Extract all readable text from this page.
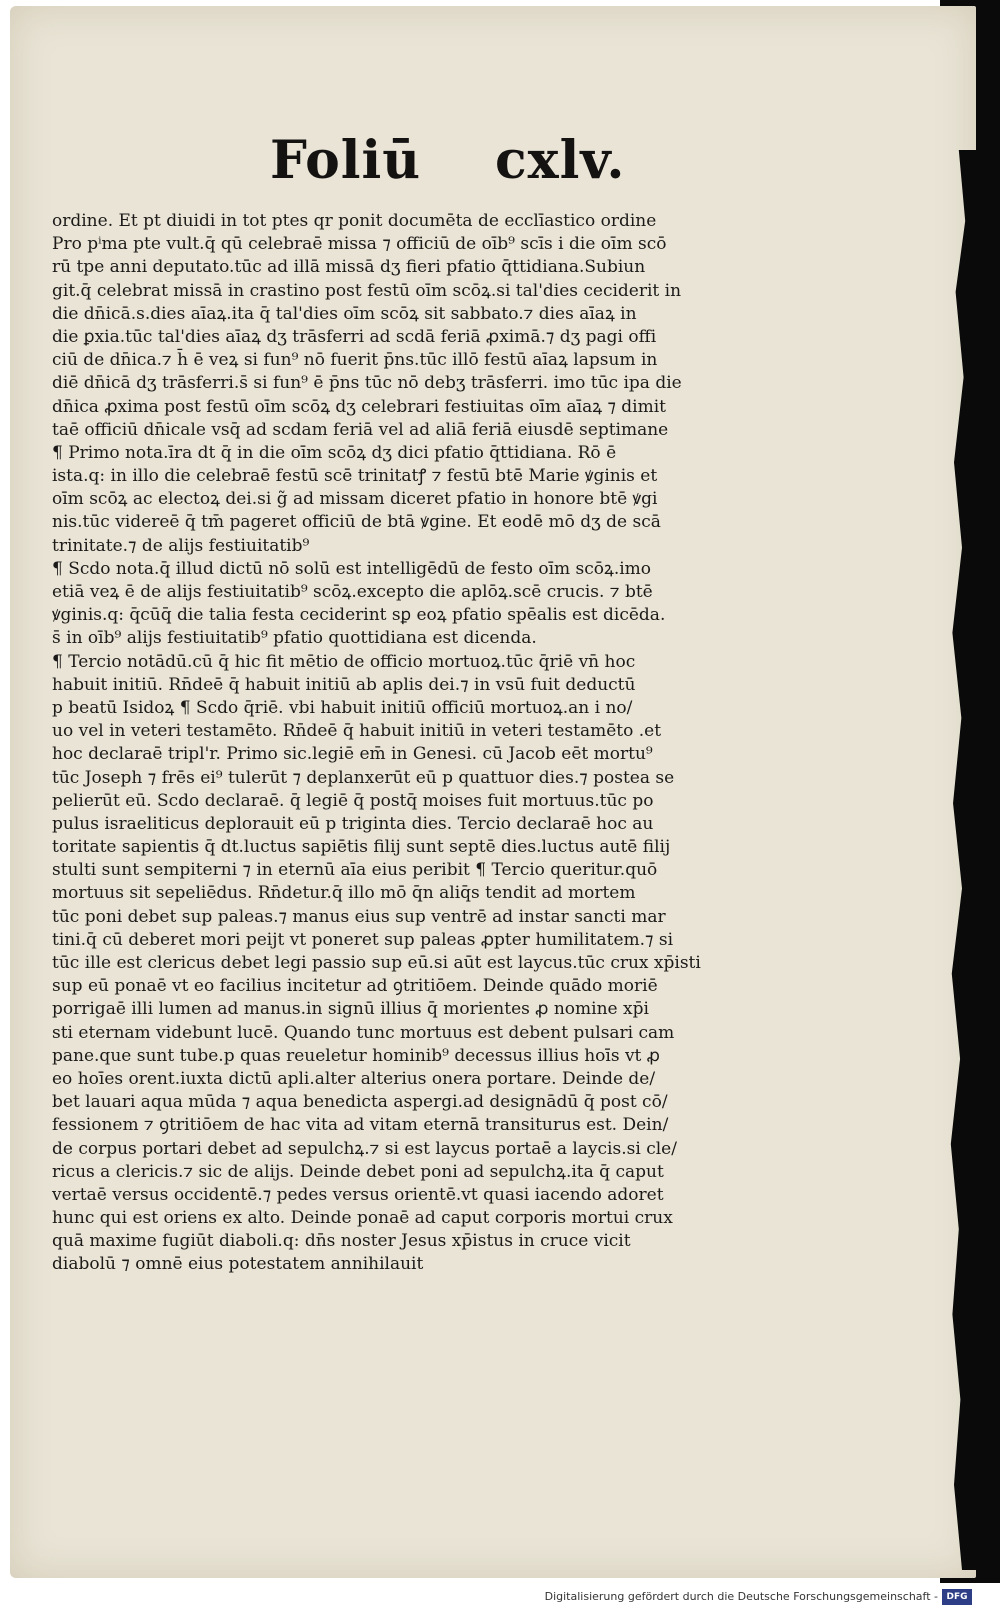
Foliū cxlv.
ordine. Et pt diuidi in tot ptes qr ponit documēta de ecclīastico ordine
Pro pⁱma pte vult.q̄ qū celebraē missa ⁊ officiū de oīb⁹ scīs i die oīm scō
rū tpe anni deputato.tūc ad illā missā dʒ fieri pfatio q̄ttidiana.Subiun
git.q̄ celebrat missā in crastino post festū oīm scōꝝ.si tal'dies ceciderit in
die dn̄icā.s.dies aīaꝝ.ita q̄ tal'dies oīm scōꝝ sit sabbato.⁊ dies aīaꝝ in
die ꝑxia.tūc tal'dies aīaꝝ dʒ trāsferri ad scdā feriā ꝓximā.⁊ dʒ pagi offi
ciū de dn̄ica.⁊ h̄ ē veꝝ si fun⁹ nō fuerit p̄ns.tūc illō festū aīaꝝ lapsum in
diē dn̄icā dʒ trāsferri.s̄ si fun⁹ ē p̄ns tūc nō debʒ trāsferri. imo tūc ipa die
dn̄ica ꝓxima post festū oīm scōꝝ dʒ celebrari festiuitas oīm aīaꝝ ⁊ dimit
taē officiū dn̄icale vsq̄ ad scdam feriā vel ad aliā feriā eiusdē septimane
¶ Primo nota.īra dt q̄ in die oīm scōꝝ dʒ dici pfatio q̄ttidiana. Rō ē
ista.q: in illo die celebraē festū scē trinitatꝭ ⁊ festū btē Marie ꝟginis et
oīm scōꝝ ac electoꝝ dei.si g̃ ad missam diceret pfatio in honore btē ꝟgi
nis.tūc videreē q̄ tm̄ pageret officiū de btā ꝟgine. Et eodē mō dʒ de scā
trinitate.⁊ de alijs festiuitatib⁹
¶ Scdo nota.q̄ illud dictū nō solū est intelligēdū de festo oīm scōꝝ.imo
etiā veꝝ ē de alijs festiuitatib⁹ scōꝝ.excepto die aplōꝝ.scē crucis. ⁊ btē
ꝟginis.q: q̄cūq̄ die talia festa ceciderint sꝑ eoꝝ pfatio spēalis est dicēda.
s̄ in oīb⁹ alijs festiuitatib⁹ pfatio quottidiana est dicenda.
¶ Tercio notādū.cū q̄ hic fit mētio de officio mortuoꝝ.tūc q̄riē vn̄ hoc
habuit initiū. Rn̄deē q̄ habuit initiū ab aplis dei.⁊ in vsū fuit deductū
p beatū Isidoꝝ ¶ Scdo q̄riē. vbi habuit initiū officiū mortuoꝝ.an i no/
uo vel in veteri testamēto. Rn̄deē q̄ habuit initiū in veteri testamēto .et
hoc declaraē tripl'r. Primo sic.legiē em̄ in Genesi. cū Jacob eēt mortu⁹
tūc Joseph ⁊ frēs ei⁹ tulerūt ⁊ deplanxerūt eū p quattuor dies.⁊ postea se
pelierūt eū. Scdo declaraē. q̄ legiē q̄ postq̄ moises fuit mortuus.tūc po
pulus israeliticus deplorauit eū p triginta dies. Tercio declaraē hoc au
toritate sapientis q̄ dt.luctus sapiētis filij sunt septē dies.luctus autē filij
stulti sunt sempiterni ⁊ in eternū aīa eius peribit ¶ Tercio queritur.quō
mortuus sit sepeliēdus. Rn̄detur.q̄ illo mō q̄n aliq̄s tendit ad mortem
tūc poni debet sup paleas.⁊ manus eius sup ventrē ad instar sancti mar
tini.q̄ cū deberet mori peijt vt poneret sup paleas ꝓpter humilitatem.⁊ si
tūc ille est clericus debet legi passio sup eū.si aūt est laycus.tūc crux xp̄isti
sup eū ponaē vt eo facilius incitetur ad ꝯtritiōem. Deinde quādo moriē
porrigaē illi lumen ad manus.in signū illius q̄ morientes ꝓ nomine xp̄i
sti eternam videbunt lucē. Quando tunc mortuus est debent pulsari cam
pane.que sunt tube.p quas reueletur hominib⁹ decessus illius hoīs vt ꝓ
eo hoīes orent.iuxta dictū apli.alter alterius onera portare. Deinde de/
bet lauari aqua mūda ⁊ aqua benedicta aspergi.ad designādū q̄ post cō/
fessionem ⁊ ꝯtritiōem de hac vita ad vitam eternā transiturus est. Dein/
de corpus portari debet ad sepulchꝝ.⁊ si est laycus portaē a laycis.si cle/
ricus a clericis.⁊ sic de alijs. Deinde debet poni ad sepulchꝝ.ita q̄ caput
vertaē versus occidentē.⁊ pedes versus orientē.vt quasi iacendo adoret
hunc qui est oriens ex alto. Deinde ponaē ad caput corporis mortui crux
quā maxime fugiūt diaboli.q: dn̄s noster Jesus xp̄istus in cruce vicit
diabolū ⁊ omnē eius potestatem annihilauit
Digitalisierung gefördert durch die Deutsche Forschungsgemeinschaft - DFG
